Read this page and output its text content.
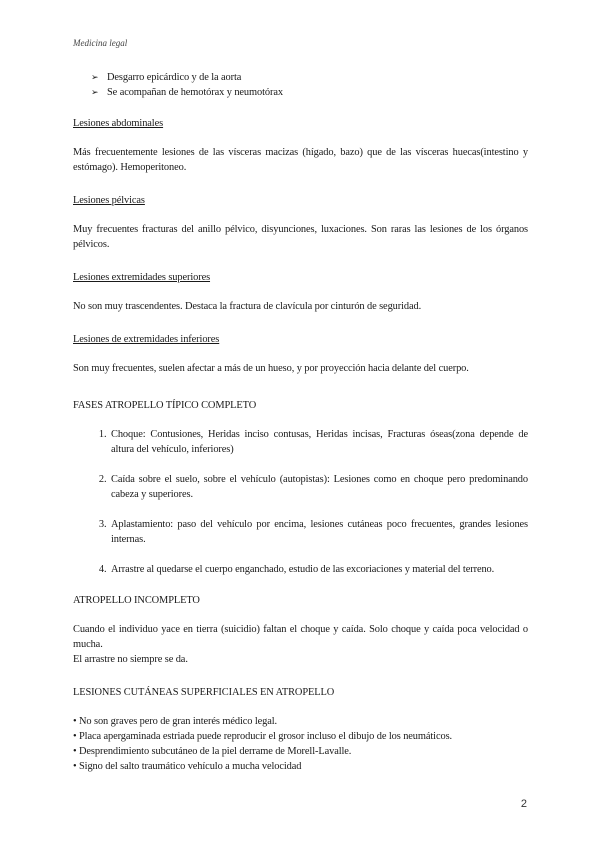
Medicina legal
➢ Desgarro epicárdico y de la aorta
➢ Se acompañan de hemotórax y neumotórax
Lesiones abdominales

Más frecuentemente lesiones de las vísceras macizas (hígado, bazo) que de las vísceras huecas(intestino y estómago). Hemoperitoneo.

Lesiones pélvicas

Muy frecuentes fracturas del anillo pélvico, disyunciones, luxaciones. Son raras las lesiones de los órganos pélvicos.

Lesiones extremidades superiores

No son muy trascendentes. Destaca la fractura de clavícula por cinturón de seguridad.

Lesiones de extremidades inferiores

Son muy frecuentes, suelen afectar a más de un hueso, y por proyección hacia delante del cuerpo.

FASES ATROPELLO TÍPICO COMPLETO
1. Choque: Contusiones, Heridas inciso contusas, Heridas incisas, Fracturas óseas(zona depende de altura del vehículo, inferiores)
2. Caída sobre el suelo, sobre el vehículo (autopistas): Lesiones como en choque pero predominando cabeza y superiores.
3. Aplastamiento: paso del vehículo por encima, lesiones cutáneas poco frecuentes, grandes lesiones internas.
4. Arrastre al quedarse el cuerpo enganchado, estudio de las excoriaciones y material del terreno.
ATROPELLO INCOMPLETO

Cuando el individuo yace en tierra (suicidio) faltan el choque y caída. Solo choque y caída poca velocidad o mucha.

El arrastre no siempre se da.

LESIONES CUTÁNEAS SUPERFICIALES EN ATROPELLO
• No son graves pero de gran interés médico legal.
• Placa apergaminada estriada puede reproducir el grosor incluso el dibujo de los neumáticos.
• Desprendimiento subcutáneo de la piel derrame de Morell-Lavalle.
• Signo del salto traumático vehículo a mucha velocidad
2
